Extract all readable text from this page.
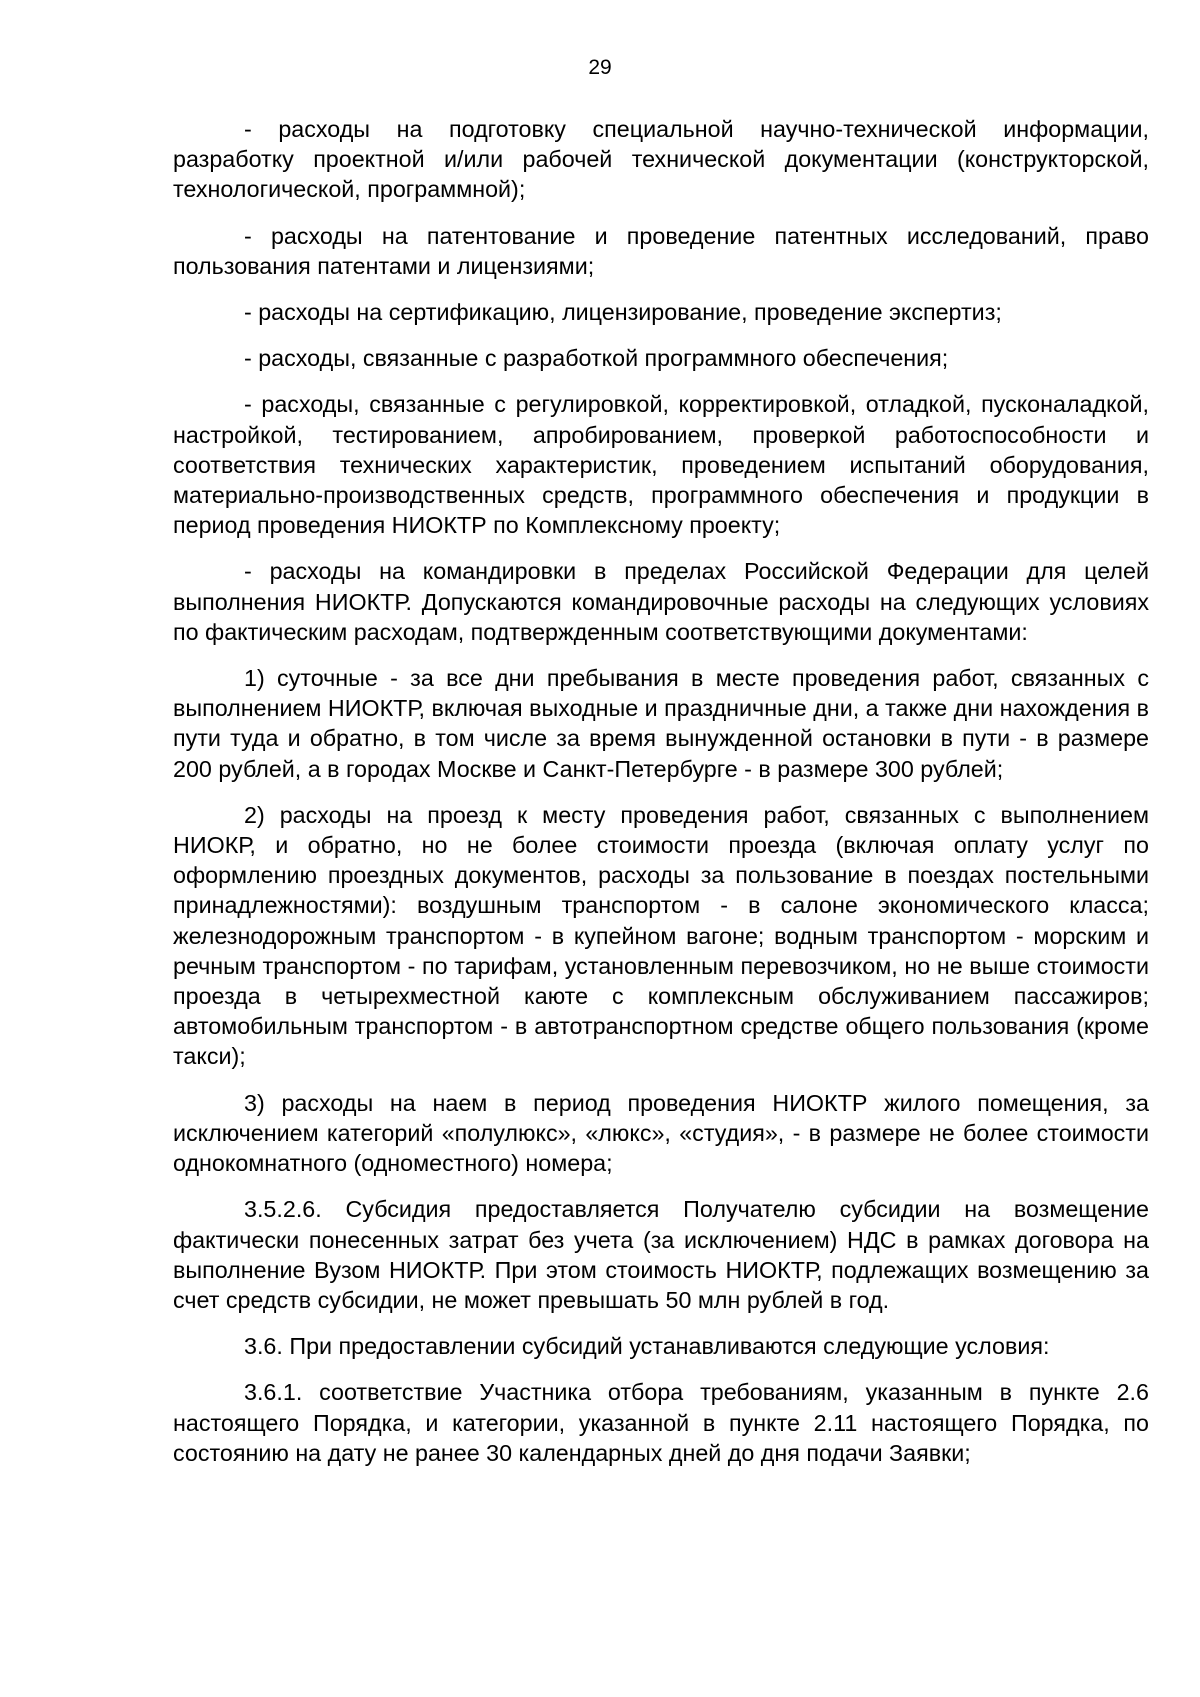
29

- расходы на подготовку специальной научно-технической информации, разработку проектной и/или рабочей технической документации (конструкторской, технологической, программной);

- расходы на патентование и проведение патентных исследований, право пользования патентами и лицензиями;

- расходы на сертификацию, лицензирование, проведение экспертиз;

- расходы, связанные с разработкой программного обеспечения;

- расходы, связанные с регулировкой, корректировкой, отладкой, пусконаладкой, настройкой, тестированием, апробированием, проверкой работоспособности и соответствия технических характеристик, проведением испытаний оборудования, материально-производственных средств, программного обеспечения и продукции в период проведения НИОКТР по Комплексному проекту;

- расходы на командировки в пределах Российской Федерации для целей выполнения НИОКТР. Допускаются командировочные расходы на следующих условиях по фактическим расходам, подтвержденным соответствующими документами:

1) суточные - за все дни пребывания в месте проведения работ, связанных с выполнением НИОКТР, включая выходные и праздничные дни, а также дни нахождения в пути туда и обратно, в том числе за время вынужденной остановки в пути - в размере 200 рублей, а в городах Москве и Санкт-Петербурге - в размере 300 рублей;

2) расходы на проезд к месту проведения работ, связанных с выполнением НИОКР, и обратно, но не более стоимости проезда (включая оплату услуг по оформлению проездных документов, расходы за пользование в поездах постельными принадлежностями): воздушным транспортом - в салоне экономического класса; железнодорожным транспортом - в купейном вагоне; водным транспортом - морским и речным транспортом - по тарифам, установленным перевозчиком, но не выше стоимости проезда в четырехместной каюте с комплексным обслуживанием пассажиров; автомобильным транспортом - в автотранспортном средстве общего пользования (кроме такси);

3) расходы на наем в период проведения НИОКТР жилого помещения, за исключением категорий «полулюкс», «люкс», «студия», - в размере не более стоимости однокомнатного (одноместного) номера;

3.5.2.6. Субсидия предоставляется Получателю субсидии на возмещение фактически понесенных затрат без учета (за исключением) НДС в рамках договора на выполнение Вузом НИОКТР. При этом стоимость НИОКТР, подлежащих возмещению за счет средств субсидии, не может превышать 50 млн рублей в год.

3.6. При предоставлении субсидий устанавливаются следующие условия:

3.6.1. соответствие Участника отбора требованиям, указанным в пункте 2.6 настоящего Порядка, и категории, указанной в пункте 2.11 настоящего Порядка, по состоянию на дату не ранее 30 календарных дней до дня подачи Заявки;
